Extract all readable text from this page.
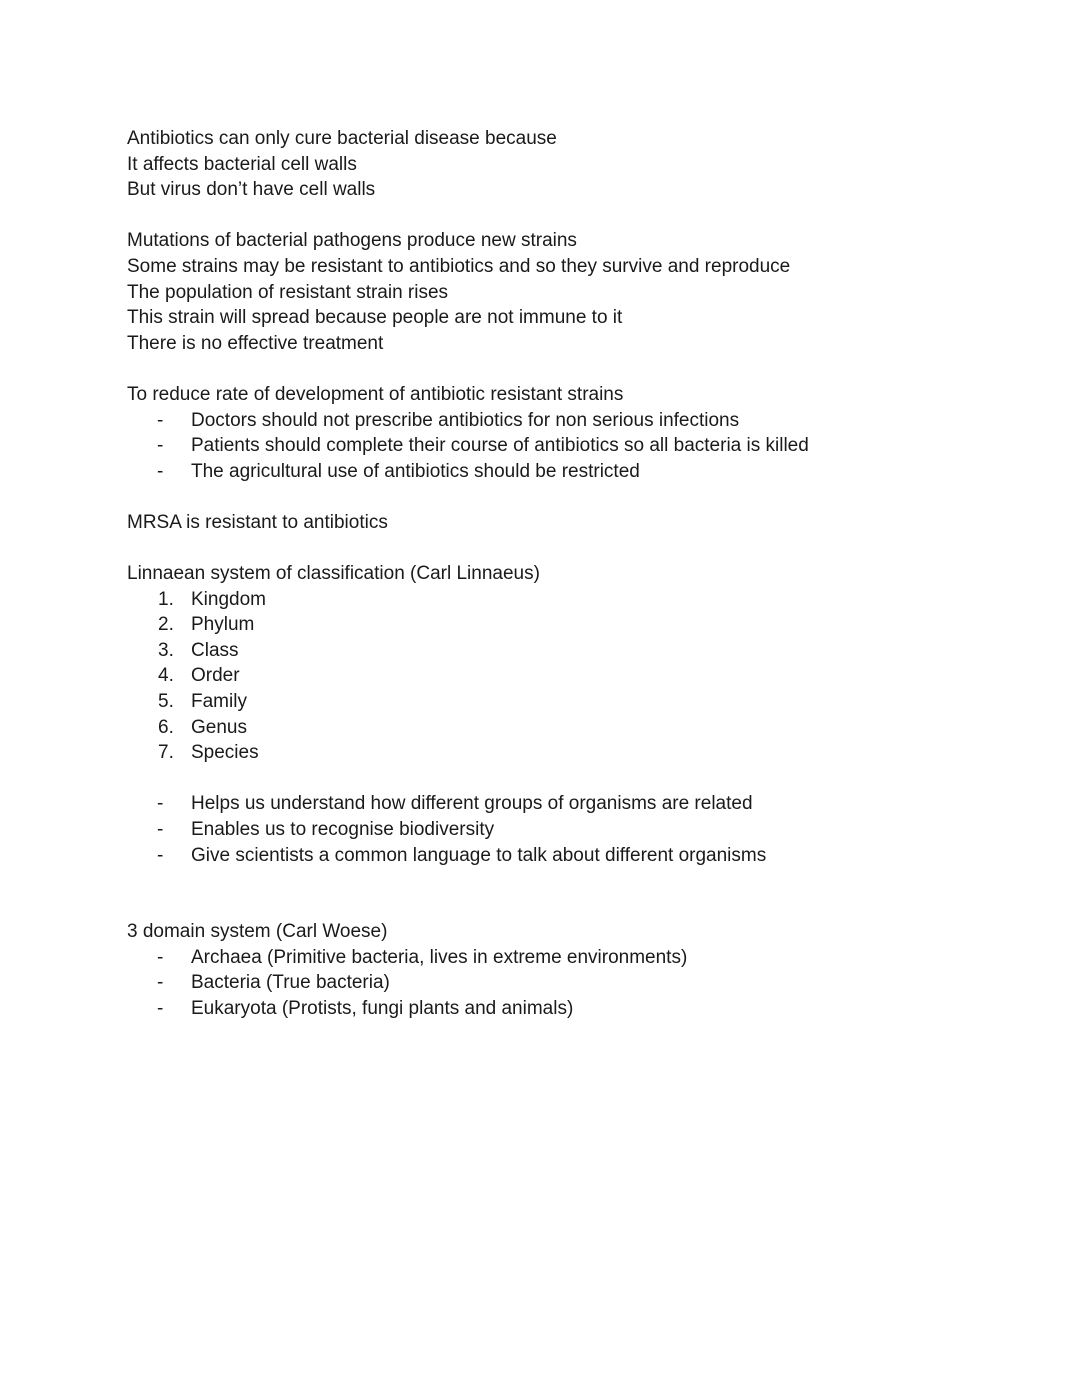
Antibiotics can only cure bacterial disease because
It affects bacterial cell walls
But virus don’t have cell walls
Mutations of bacterial pathogens produce new strains
Some strains may be resistant to antibiotics and so they survive and reproduce
The population of resistant strain rises
This strain will spread because people are not immune to it
There is no effective treatment
To reduce rate of development of antibiotic resistant strains
-	Doctors should not prescribe antibiotics for non serious infections
-	Patients should complete their course of antibiotics so all bacteria is killed
-	The agricultural use of antibiotics should be restricted
MRSA is resistant to antibiotics
Linnaean system of classification (Carl Linnaeus)
1. Kingdom
2. Phylum
3. Class
4. Order
5. Family
6. Genus
7. Species
-	Helps us understand how different groups of organisms are related
-	Enables us to recognise biodiversity
-	Give scientists a common language to talk about different organisms
3 domain system (Carl Woese)
-	Archaea (Primitive bacteria, lives in extreme environments)
-	Bacteria (True bacteria)
-	Eukaryota (Protists, fungi plants and animals)
